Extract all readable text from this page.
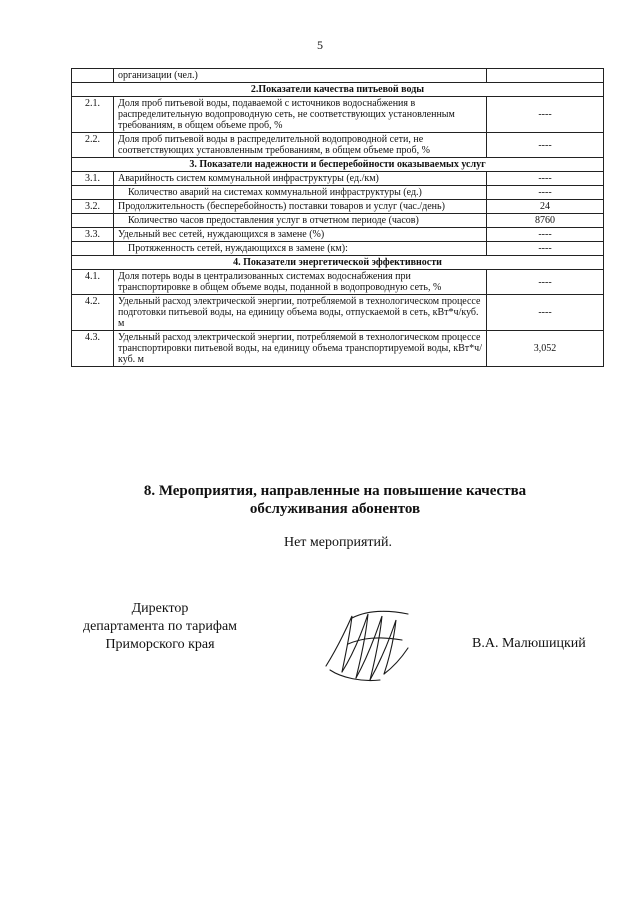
5
	организации (чел.)	
2.Показатели качества питьевой воды		
2.1.	Доля проб питьевой воды, подаваемой с источников водоснабжения в распределительную водопроводную сеть, не соответствующих установленным требованиям, в общем объеме проб, %	----
2.2.	Доля проб питьевой воды в распределительной водопроводной сети, не соответствующих установленным требованиям, в общем объеме проб, %	----
3. Показатели надежности и бесперебойности оказываемых услуг		
3.1.	Аварийность систем коммунальной инфраструктуры (ед./км)	----
	Количество аварий на системах коммунальной инфраструктуры (ед.)	----
3.2.	Продолжительность (бесперебойность) поставки товаров и услуг (час./день)	24
	Количество часов предоставления услуг в отчетном периоде (часов)	8760
3.3.	Удельный вес сетей, нуждающихся в замене (%)	----
	Протяженность сетей, нуждающихся в замене (км):	----
4. Показатели энергетической эффективности		
4.1.	Доля потерь воды в централизованных системах водоснабжения при транспортировке в общем объеме воды, поданной в водопроводную сеть, %	----
4.2.	Удельный расход электрической энергии, потребляемой в технологическом процессе подготовки питьевой воды, на единицу объема воды, отпускаемой в сеть, кВт*ч/куб. м	----
4.3.	Удельный расход электрической энергии, потребляемой в технологическом процессе транспортировки питьевой воды, на единицу объема транспортируемой воды, кВт*ч/куб. м	3,052
8. Мероприятия, направленные на повышение качества
обслуживания абонентов
Нет мероприятий.
Директор
департамента по тарифам
Приморского края	В.А. Малюшицкий
